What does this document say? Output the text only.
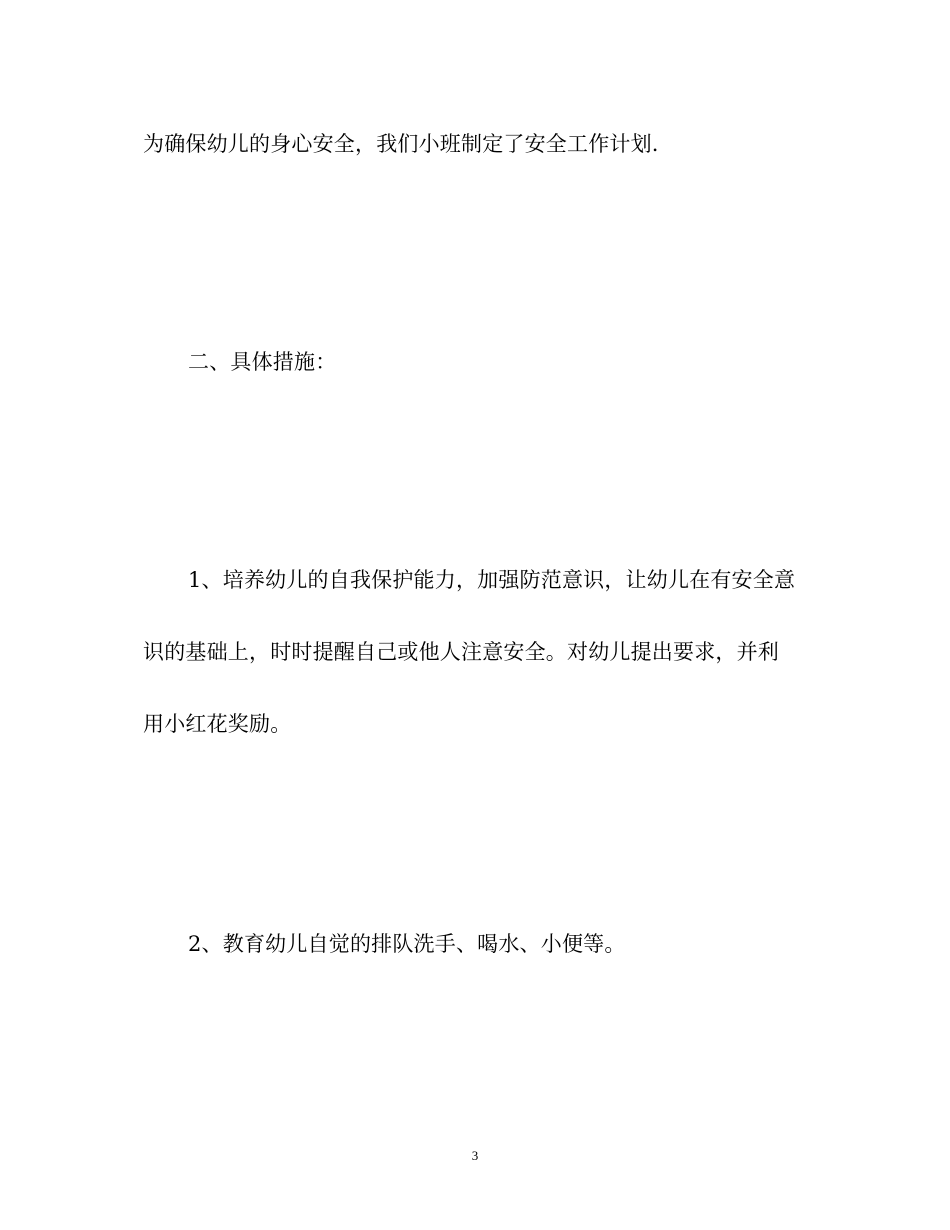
为确保幼儿的身心安全，我们小班制定了安全工作计划.
二、具体措施：
1、培养幼儿的自我保护能力，加强防范意识，让幼儿在有安全意
识的基础上，时时提醒自己或他人注意安全。对幼儿提出要求，并利
用小红花奖励。
2、教育幼儿自觉的排队洗手、喝水、小便等。
3
